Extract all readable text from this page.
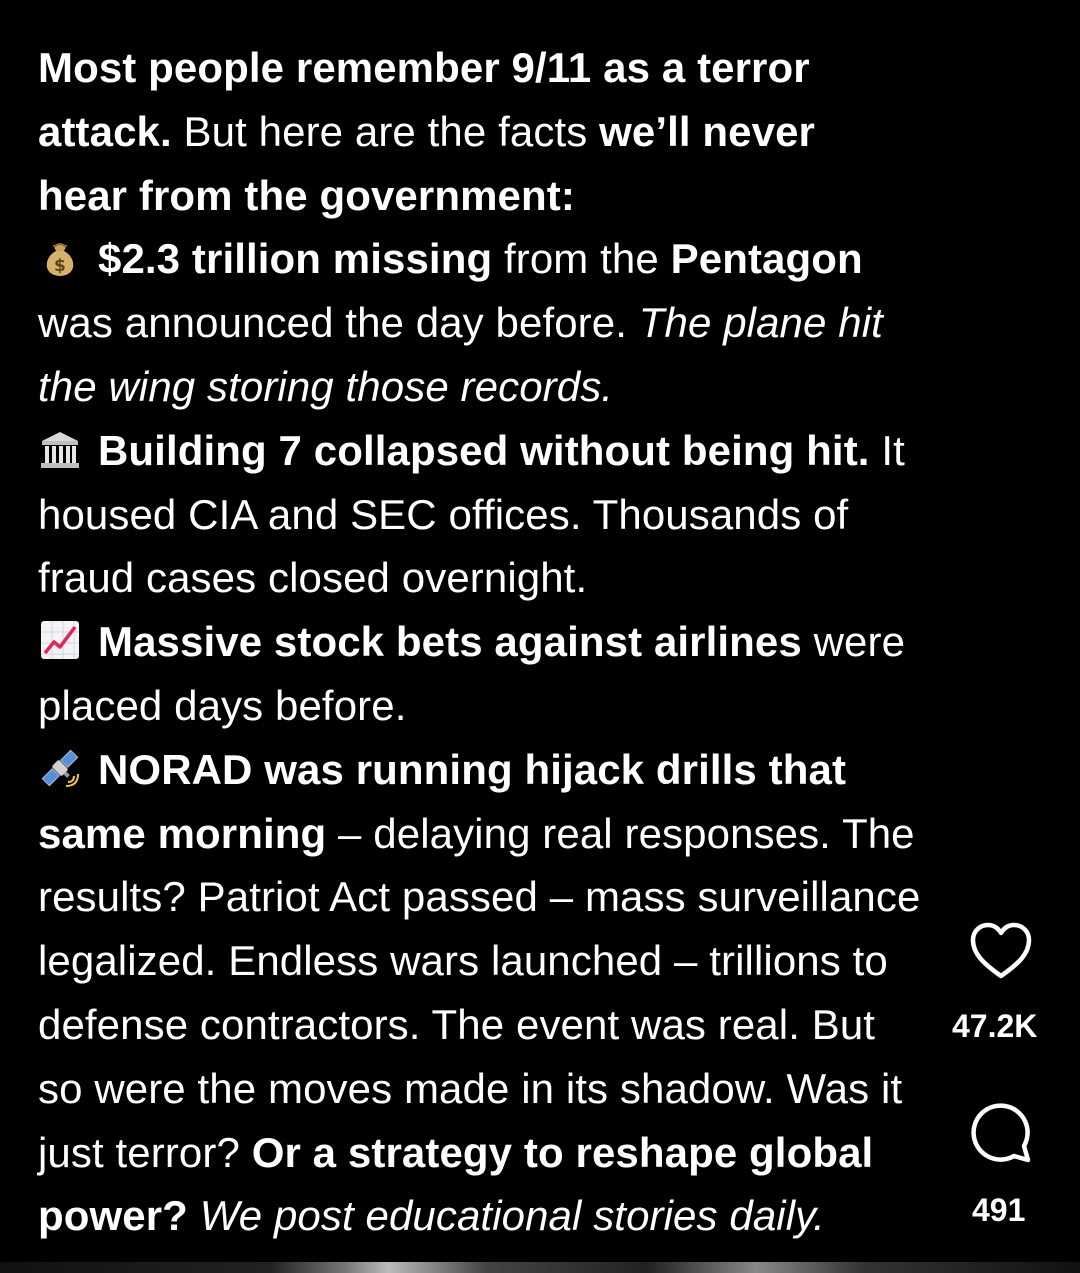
Most people remember 9/11 as a terror
attack. But here are the facts we’ll never
hear from the government:
$ $2.3 trillion missing from the Pentagon
was announced the day before. The plane hit
the wing storing those records.
Building 7 collapsed without being hit. It
housed CIA and SEC offices. Thousands of
fraud cases closed overnight.
Massive stock bets against airlines were
placed days before.
NORAD was running hijack drills that
same morning – delaying real responses. The
results? Patriot Act passed – mass surveillance
legalized. Endless wars launched – trillions to
defense contractors. The event was real. But
so were the moves made in its shadow. Was it
just terror? Or a strategy to reshape global
power? We post educational stories daily.
47.2K
491
